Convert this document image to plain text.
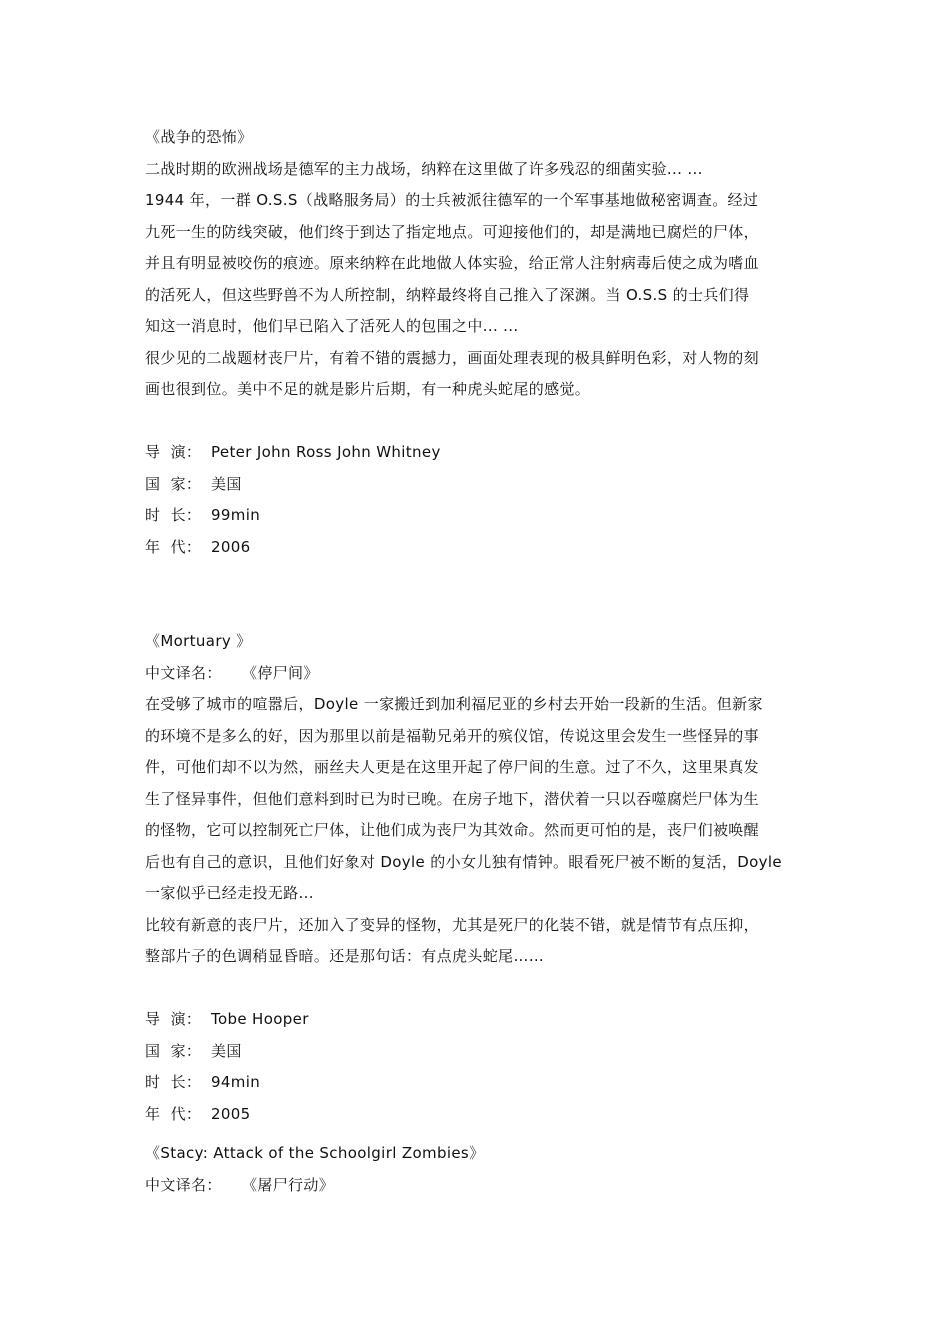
《战争的恐怖》
二战时期的欧洲战场是德军的主力战场，纳粹在这里做了许多残忍的细菌实验... ...
1944 年，一群 O.S.S（战略服务局）的士兵被派往德军的一个军事基地做秘密调查。经过
九死一生的防线突破，他们终于到达了指定地点。可迎接他们的，却是满地已腐烂的尸体，
并且有明显被咬伤的痕迹。原来纳粹在此地做人体实验，给正常人注射病毒后使之成为嗜血
的活死人，但这些野兽不为人所控制，纳粹最终将自己推入了深渊。当 O.S.S 的士兵们得
知这一消息时，他们早已陷入了活死人的包围之中... ...
很少见的二战题材丧尸片，有着不错的震撼力，画面处理表现的极具鲜明色彩，对人物的刻
画也很到位。美中不足的就是影片后期，有一种虎头蛇尾的感觉。
导  演： Peter John Ross John Whitney
国  家： 美国
时  长： 99min
年  代： 2006
《Mortuary 》
中文译名：	《停尸间》
在受够了城市的喧嚣后，Doyle 一家搬迁到加利福尼亚的乡村去开始一段新的生活。但新家
的环境不是多么的好，因为那里以前是福勒兄弟开的殡仪馆，传说这里会发生一些怪异的事
件，可他们却不以为然，丽丝夫人更是在这里开起了停尸间的生意。过了不久，这里果真发
生了怪异事件，但他们意料到时已为时已晚。在房子地下，潜伏着一只以吞噬腐烂尸体为生
的怪物，它可以控制死亡尸体，让他们成为丧尸为其效命。然而更可怕的是，丧尸们被唤醒
后也有自己的意识，且他们好象对 Doyle 的小女儿独有情钟。眼看死尸被不断的复活，Doyle
一家似乎已经走投无路...
比较有新意的丧尸片，还加入了变异的怪物，尤其是死尸的化装不错，就是情节有点压抑，
整部片子的色调稍显昏暗。还是那句话：有点虎头蛇尾……
导  演： Tobe Hooper
国  家： 美国
时  长： 94min
年  代： 2005
《Stacy: Attack of the Schoolgirl Zombies》
中文译名：	《屠尸行动》
